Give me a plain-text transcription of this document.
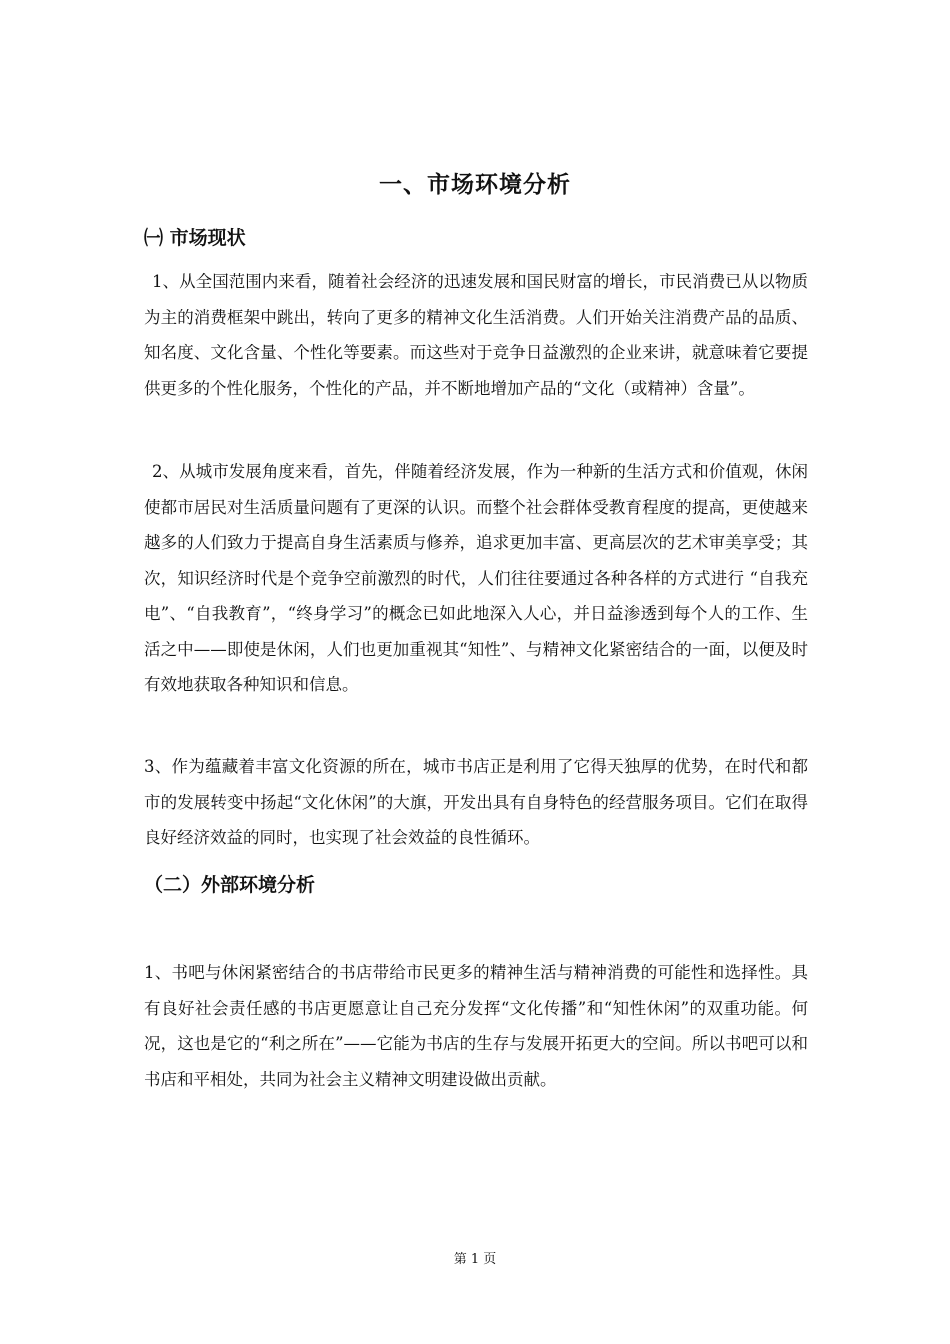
一、市场环境分析
㈠ 市场现状

1、从全国范围内来看，随着社会经济的迅速发展和国民财富的增长，市民消费已从以物质为主的消费框架中跳出，转向了更多的精神文化生活消费。人们开始关注消费产品的品质、知名度、文化含量、个性化等要素。而这些对于竞争日益激烈的企业来讲，就意味着它要提供更多的个性化服务，个性化的产品，并不断地增加产品的“文化（或精神）含量”。

2、从城市发展角度来看，首先，伴随着经济发展，作为一种新的生活方式和价值观，休闲使都市居民对生活质量问题有了更深的认识。而整个社会群体受教育程度的提高，更使越来越多的人们致力于提高自身生活素质与修养，追求更加丰富、更高层次的艺术审美享受；其次，知识经济时代是个竞争空前激烈的时代，人们往往要通过各种各样的方式进行 “自我充电”、“自我教育”，“终身学习”的概念已如此地深入人心，并日益渗透到每个人的工作、生活之中——即使是休闲，人们也更加重视其“知性”、与精神文化紧密结合的一面，以便及时有效地获取各种知识和信息。

3、作为蕴藏着丰富文化资源的所在，城市书店正是利用了它得天独厚的优势，在时代和都市的发展转变中扬起“文化休闲”的大旗，开发出具有自身特色的经营服务项目。它们在取得良好经济效益的同时，也实现了社会效益的良性循环。

（二）外部环境分析

1、书吧与休闲紧密结合的书店带给市民更多的精神生活与精神消费的可能性和选择性。具有良好社会责任感的书店更愿意让自己充分发挥“文化传播”和“知性休闲”的双重功能。何况，这也是它的“利之所在”——它能为书店的生存与发展开拓更大的空间。所以书吧可以和书店和平相处，共同为社会主义精神文明建设做出贡献。

第 1 页
